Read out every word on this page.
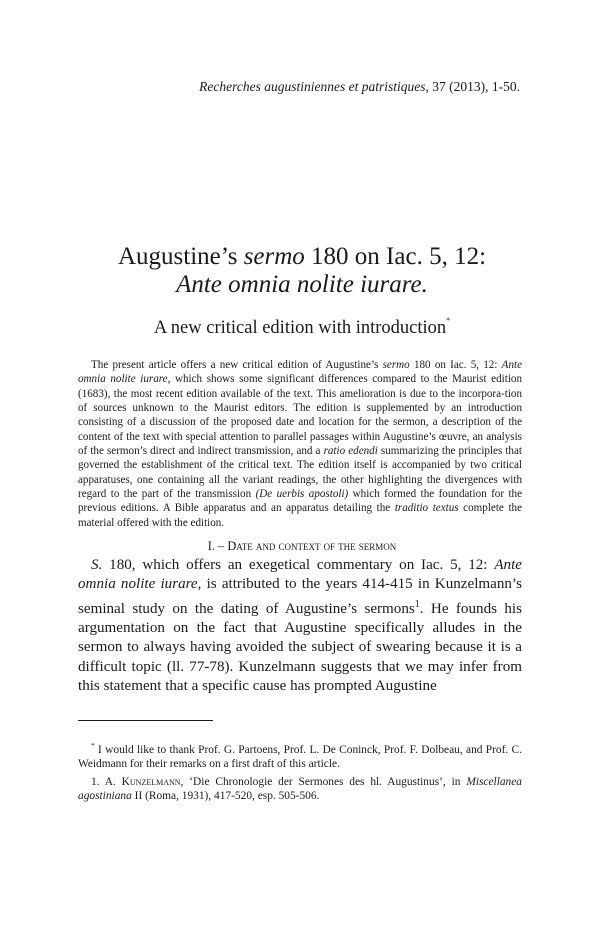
Recherches augustiniennes et patristiques, 37 (2013), 1-50.
Augustine’s sermo 180 on Iac. 5, 12:
Ante omnia nolite iurare.
A new critical edition with introduction*

The present article offers a new critical edition of Augustine’s sermo 180 on Iac. 5, 12: Ante omnia nolite iurare, which shows some significant differences compared to the Maurist edition (1683), the most recent edition available of the text. This amelioration is due to the incorpora-tion of sources unknown to the Maurist editors. The edition is supplemented by an introduction consisting of a discussion of the proposed date and location for the sermon, a description of the content of the text with special attention to parallel passages within Augustine’s œuvre, an analysis of the sermon’s direct and indirect transmission, and a ratio edendi summarizing the principles that governed the establishment of the critical text. The edition itself is accompanied by two critical apparatuses, one containing all the variant readings, the other highlighting the divergences with regard to the part of the transmission (De uerbis apostoli) which formed the foundation for the previous editions. A Bible apparatus and an apparatus detailing the traditio textus complete the material offered with the edition.

I. – Date and context of the sermon

S. 180, which offers an exegetical commentary on Iac. 5, 12: Ante omnia nolite iurare, is attributed to the years 414-415 in Kunzelmann’s seminal study on the dating of Augustine’s sermons$^1$. He founds his argumentation on the fact that Augustine specifically alludes in the sermon to always having avoided the subject of swearing because it is a difficult topic (ll. 77-78). Kunzelmann suggests that we may infer from this statement that a specific cause has prompted Augustine

* I would like to thank Prof. G. Partoens, Prof. L. De Coninck, Prof. F. Dolbeau, and Prof. C. Weidmann for their remarks on a first draft of this article.

1. A. Kunzelmann, ‘Die Chronologie der Sermones des hl. Augustinus’, in Miscellanea agostiniana II (Roma, 1931), 417-520, esp. 505-506.
